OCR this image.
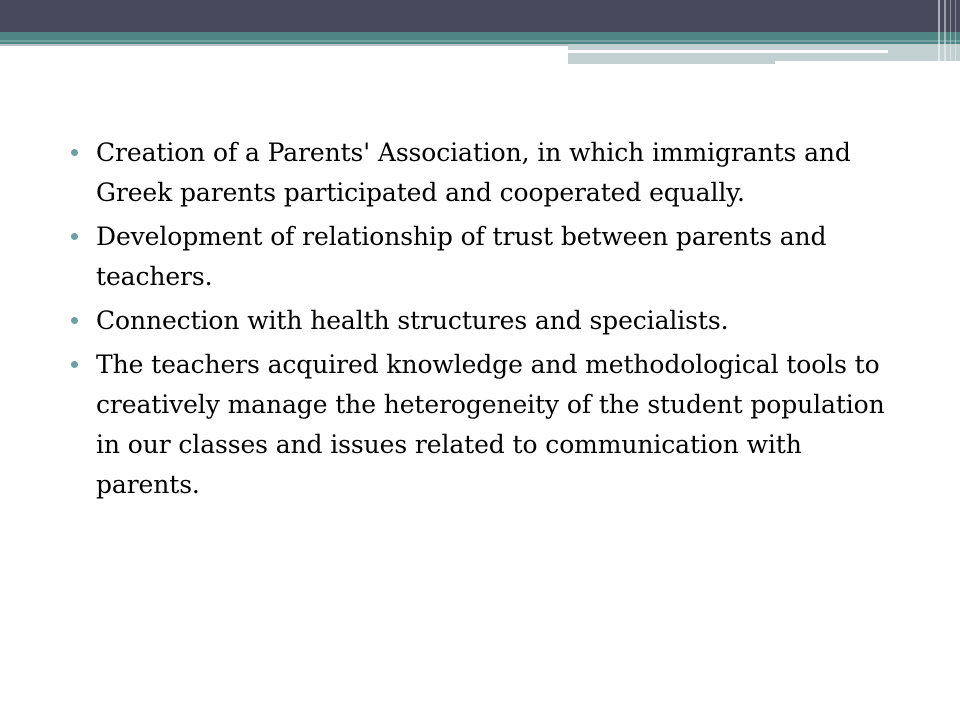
Creation of a Parents' Association, in which immigrants and Greek parents participated and cooperated equally.
Development of relationship of trust between parents and teachers.
Connection with health structures and specialists.
The teachers acquired knowledge and methodological tools to creatively manage the heterogeneity of the student population in our classes and issues related to communication with parents.
